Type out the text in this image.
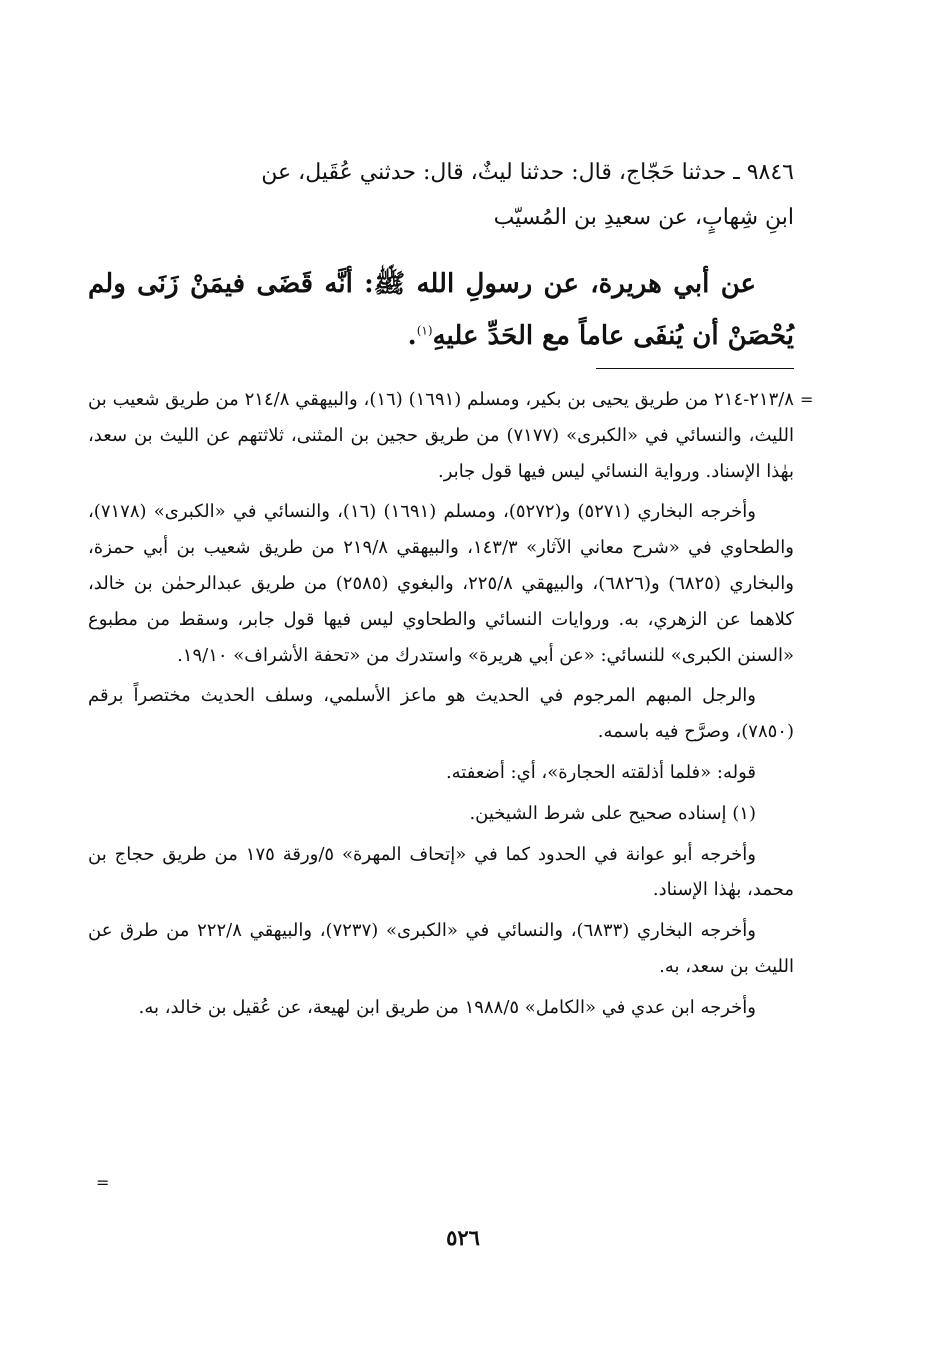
٩٨٤٦ ـ حدثنا حَجّاج، قال: حدثنا ليثٌ، قال: حدثني عُقَيل، عن

ابنِ شِهابٍ، عن سعيدِ بن المُسيّب

عن أبي هريرة، عن رسولِ الله ﷺ: أنَّه قَضَى فيمَنْ زَنَى ولم يُحْصَنْ أن يُنفَى عاماً مع الحَدِّ عليهِ$^{(١)}$.

=

٢١٣/٨-٢١٤ من طريق يحيى بن بكير، ومسلم (١٦٩١) (١٦)، والبيهقي ٢١٤/٨ من طريق شعيب بن الليث، والنسائي في «الكبرى» (٧١٧٧) من طريق حجين بن المثنى، ثلاثتهم عن الليث بن سعد، بهٰذا الإسناد. ورواية النسائي ليس فيها قول جابر.

وأخرجه البخاري (٥٢٧١) و(٥٢٧٢)، ومسلم (١٦٩١) (١٦)، والنسائي في «الكبرى» (٧١٧٨)، والطحاوي في «شرح معاني الآثار» ١٤٣/٣، والبيهقي ٢١٩/٨ من طريق شعيب بن أبي حمزة، والبخاري (٦٨٢٥) و(٦٨٢٦)، والبيهقي ٢٢٥/٨، والبغوي (٢٥٨٥) من طريق عبدالرحمٰن بن خالد، كلاهما عن الزهري، به. وروايات النسائي والطحاوي ليس فيها قول جابر، وسقط من مطبوع «السنن الكبرى» للنسائي: «عن أبي هريرة» واستدرك من «تحفة الأشراف» ١٩/١٠.

والرجل المبهم المرجوم في الحديث هو ماعز الأسلمي، وسلف الحديث مختصراً برقم (٧٨٥٠)، وصرَّح فيه باسمه.

قوله: «فلما أذلقته الحجارة»، أي: أضعفته.

(١) إسناده صحيح على شرط الشيخين.

وأخرجه أبو عوانة في الحدود كما في «إتحاف المهرة» ٥/ورقة ١٧٥ من طريق حجاج بن محمد، بهٰذا الإسناد.

وأخرجه البخاري (٦٨٣٣)، والنسائي في «الكبرى» (٧٢٣٧)، والبيهقي ٢٢٢/٨ من طرق عن الليث بن سعد، به.

وأخرجه ابن عدي في «الكامل» ١٩٨٨/٥ من طريق ابن لهيعة، عن عُقيل بن خالد، به.

=
٥٢٦
